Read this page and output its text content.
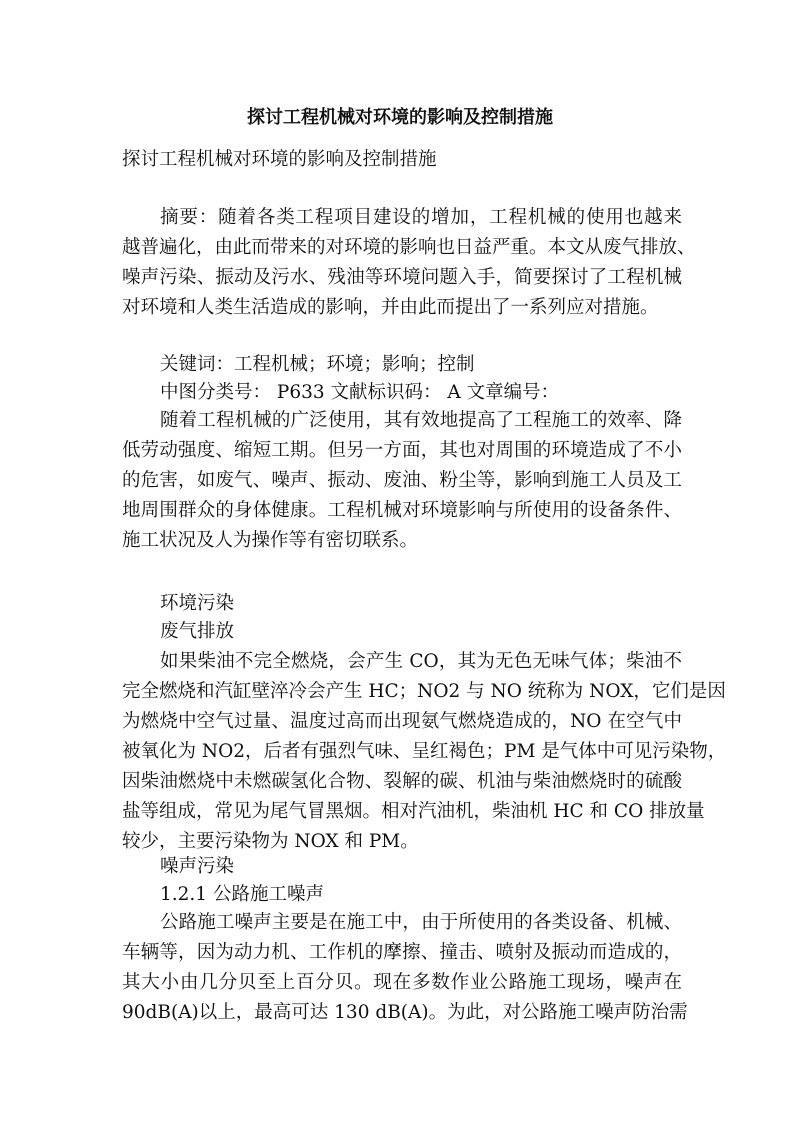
探讨工程机械对环境的影响及控制措施
探讨工程机械对环境的影响及控制措施
摘要：随着各类工程项目建设的增加，工程机械的使用也越来
越普遍化，由此而带来的对环境的影响也日益严重。本文从废气排放、
噪声污染、振动及污水、残油等环境问题入手，简要探讨了工程机械
对环境和人类生活造成的影响，并由此而提出了一系列应对措施。
关键词：工程机械；环境；影响；控制
中图分类号： P633 文献标识码： A 文章编号：
随着工程机械的广泛使用，其有效地提高了工程施工的效率、降
低劳动强度、缩短工期。但另一方面，其也对周围的环境造成了不小
的危害，如废气、噪声、振动、废油、粉尘等，影响到施工人员及工
地周围群众的身体健康。工程机械对环境影响与所使用的设备条件、
施工状况及人为操作等有密切联系。
环境污染
废气排放
如果柴油不完全燃烧，会产生 CO，其为无色无味气体；柴油不
完全燃烧和汽缸壁淬冷会产生 HC；NO2 与 NO 统称为 NOX，它们是因
为燃烧中空气过量、温度过高而出现氨气燃烧造成的，NO 在空气中
被氧化为 NO2，后者有强烈气味、呈红褐色；PM 是气体中可见污染物，
因柴油燃烧中未燃碳氢化合物、裂解的碳、机油与柴油燃烧时的硫酸
盐等组成，常见为尾气冒黑烟。相对汽油机，柴油机 HC 和 CO 排放量
较少，主要污染物为 NOX 和 PM。
噪声污染
1.2.1 公路施工噪声
公路施工噪声主要是在施工中，由于所使用的各类设备、机械、
车辆等，因为动力机、工作机的摩擦、撞击、喷射及振动而造成的，
其大小由几分贝至上百分贝。现在多数作业公路施工现场，噪声在
90dB(A)以上，最高可达 130 dB(A)。为此，对公路施工噪声防治需
